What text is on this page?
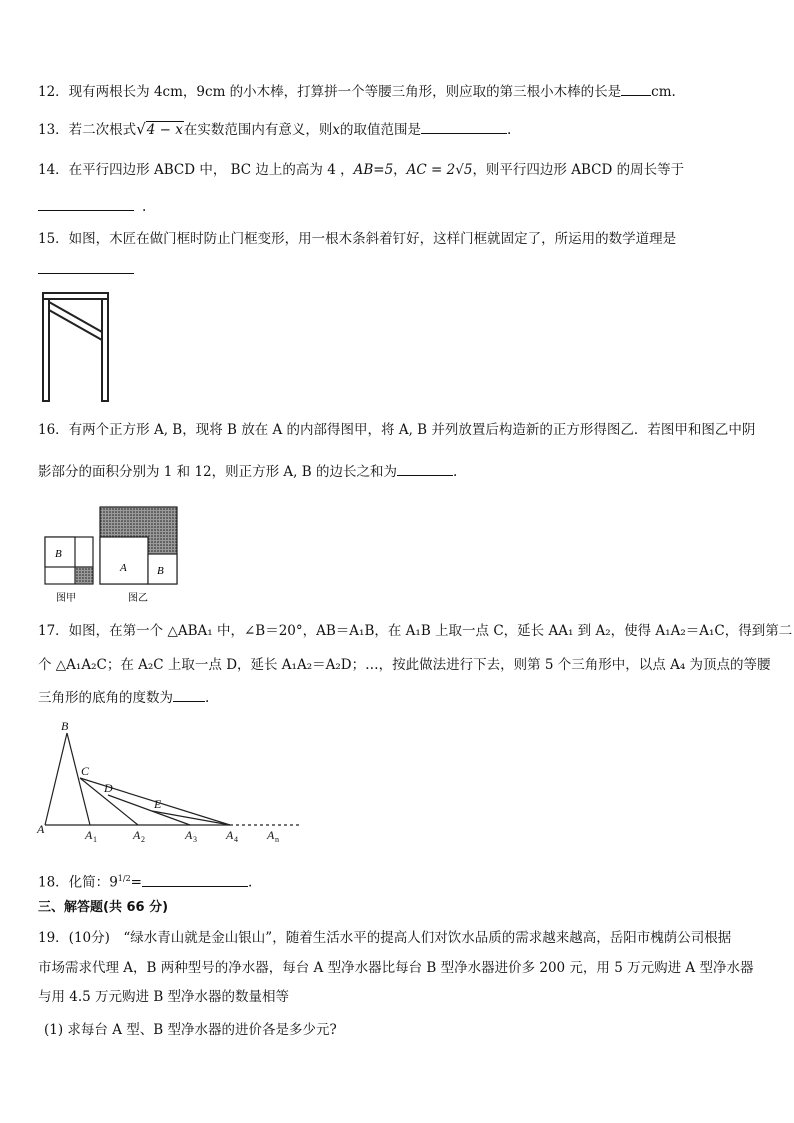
12．现有两根长为 4cm，9cm 的小木棒，打算拼一个等腰三角形，则应取的第三根小木棒的长是 cm.
13．若二次根式√4 − x在实数范围内有意义，则x的取值范围是	.
14．在平行四边形 ABCD 中， BC 边上的高为 4 ，AB=5，AC = 2√5，则平行四边形 ABCD 的周长等于
.
15．如图，木匠在做门框时防止门框变形，用一根木条斜着钉好，这样门框就固定了，所运用的数学道理是
16．有两个正方形 A, B，现将 B 放在 A 的内部得图甲，将 A, B 并列放置后构造新的正方形得图乙．若图甲和图乙中阴
影部分的面积分别为 1 和 12，则正方形 A, B 的边长之和为	.
B
图甲
A	B
图乙
17．如图，在第一个 △ABA₁ 中，∠B＝20°，AB＝A₁B，在 A₁B 上取一点 C，延长 AA₁ 到 A₂，使得 A₁A₂＝A₁C，得到第二
个 △A₁A₂C；在 A₂C 上取一点 D，延长 A₁A₂＝A₂D；…，按此做法进行下去，则第 5 个三角形中，以点 A₄ 为顶点的等腰
三角形的底角的度数为 .
B
C
D
E
A	A 1	A 2	A 3 A 4 A n
18．化简：$9^{1/2}=$	.
三、解答题(共 66 分)
19．(10分)　“绿水青山就是金山银山”，随着生活水平的提高人们对饮水品质的需求越来越高，岳阳市槐荫公司根据
市场需求代理 A，B 两种型号的净水器，每台 A 型净水器比每台 B 型净水器进价多 200 元，用 5 万元购进 A 型净水器
与用 4.5 万元购进 B 型净水器的数量相等
(1) 求每台 A 型、B 型净水器的进价各是多少元?
